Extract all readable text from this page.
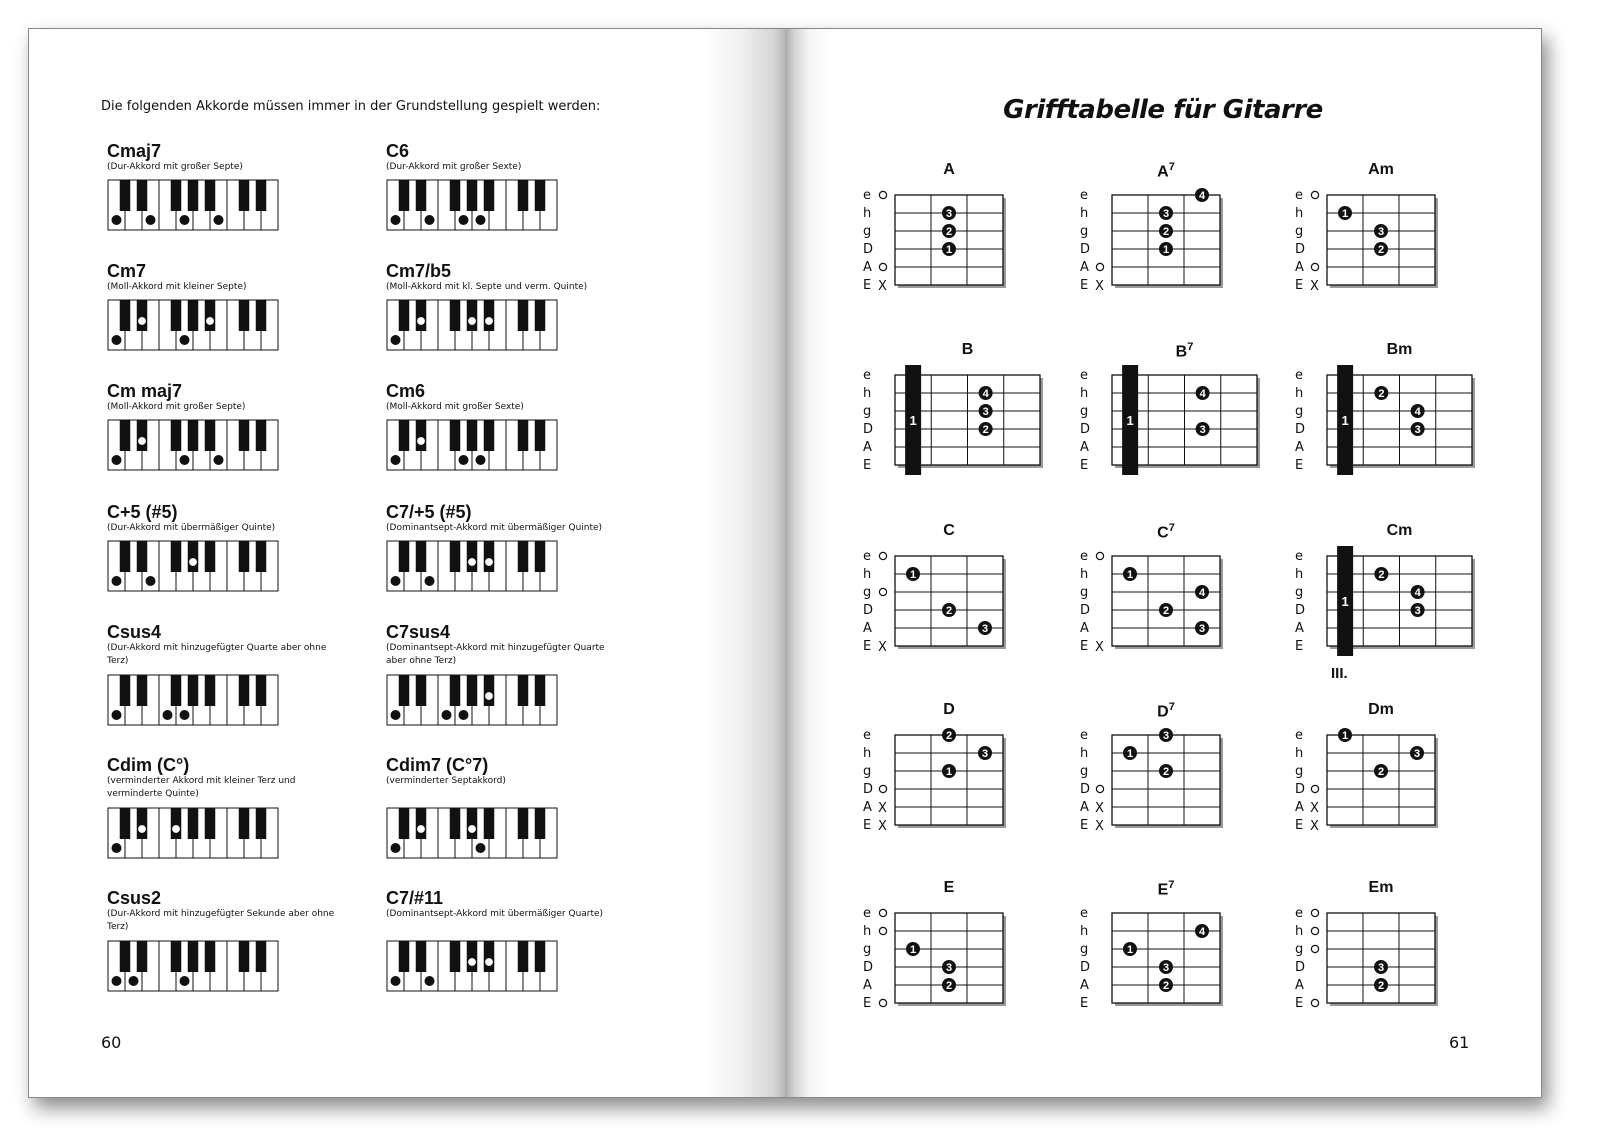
Die folgenden Akkorde müssen immer in der Grundstellung gespielt werden:
Cmaj7
(Dur-Akkord mit großer Septe)
C6
(Dur-Akkord mit großer Sexte)
Cm7
(Moll-Akkord mit kleiner Septe)
Cm7/b5
(Moll-Akkord mit kl. Septe und verm. Quinte)
Cm maj7
(Moll-Akkord mit großer Septe)
Cm6
(Moll-Akkord mit großer Sexte)
C+5 (#5)
(Dur-Akkord mit übermäßiger Quinte)
C7/+5 (#5)
(Dominantsept-Akkord mit übermäßiger Quinte)
Csus4
(Dur-Akkord mit hinzugefügter Quarte aber ohne Terz)
C7sus4
(Dominantsept-Akkord mit hinzugefügter Quarte aber ohne Terz)
Cdim (C°)
(verminderter Akkord mit kleiner Terz und verminderte Quinte)
Cdim7 (C°7)
(verminderter Septakkord)
Csus2
(Dur-Akkord mit hinzugefügter Sekunde aber ohne Terz)
C7/#11
(Dominantsept-Akkord mit übermäßiger Quarte)
60
Grifftabelle für Gitarre
A
e
h
g
D
A
E X
3
2
1
$A^7$
e
h
g
D
A
E X
4
3
2
1
Am
e
h
g
D
A
E X
1
3
2
B
e
h
g
D
A
E
1
4
3
2
$B^7$
e
h
g
D
A
E
1
4
3
Bm
e
h
g
D
A
E
1
2
4
3
C
e
h
g
D
A
E X
1
2
3
$C^7$
e
h
g
D
A
E X
1
4
2
3
Cm
e
h
g
D
A
E
1
2
4
3
D
e
h
g
D
A X
E X
2
3
1
$D^7$
e
h
g
D
A X
E X
3
1
2
Dm
e
h
g
D
A X
E X
1
3
2
E
e
h
g
D
A
E
1
3
2
$E^7$
e
h
g
D
A
E
4
1
3
2
Em
e
h
g
D
A
E
3
2
III.
61
